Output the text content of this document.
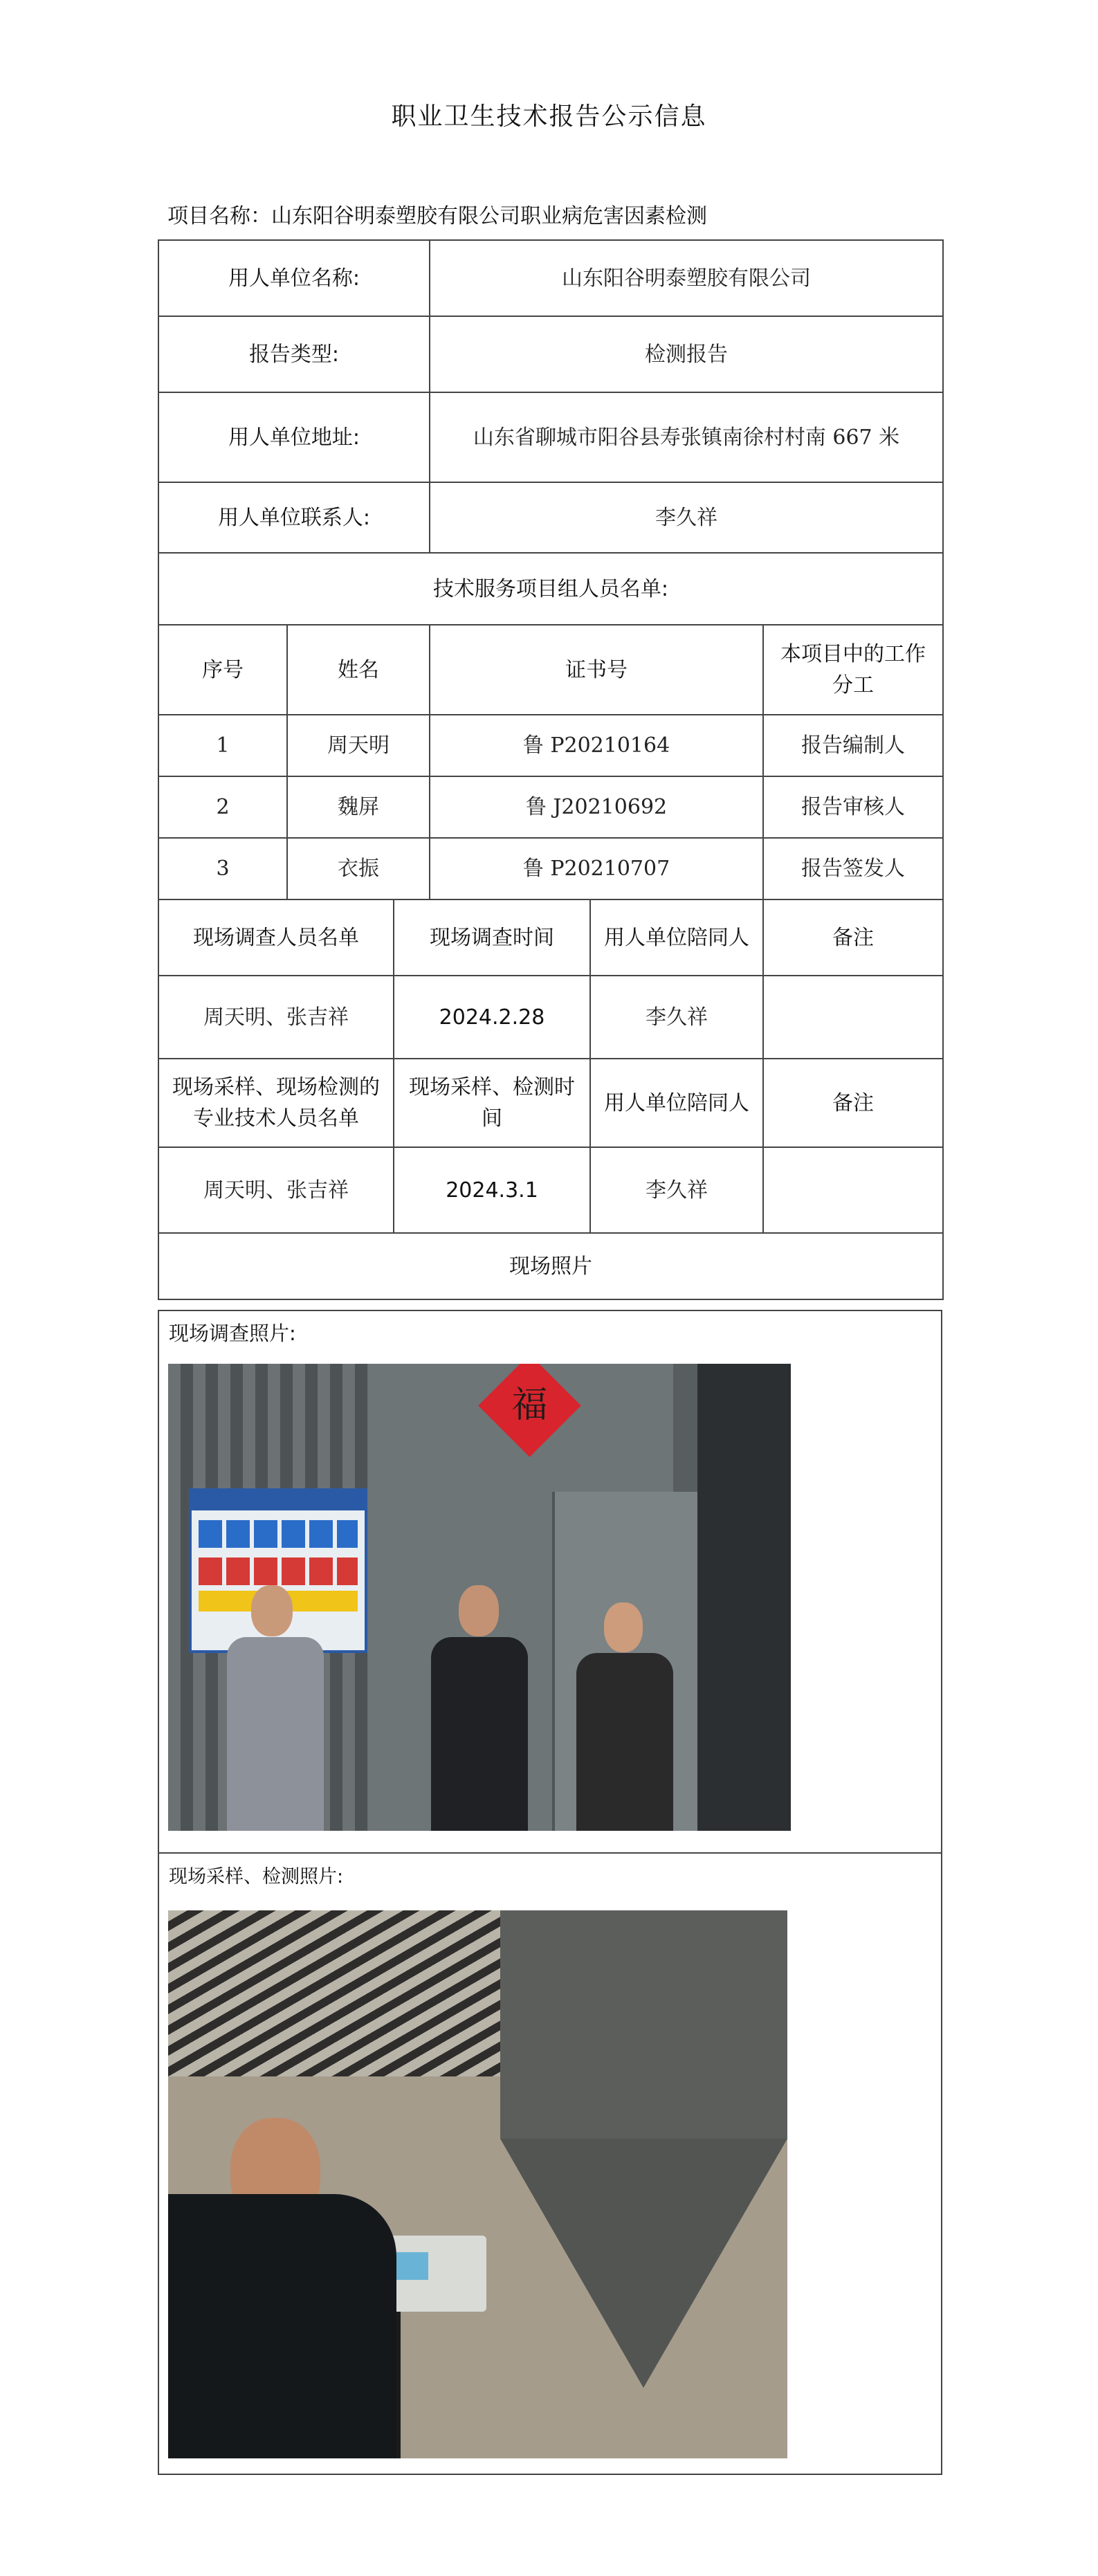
职业卫生技术报告公示信息
项目名称：山东阳谷明泰塑胶有限公司职业病危害因素检测
用人单位名称:			山东阳谷明泰塑胶有限公司		
报告类型:			检测报告		
用人单位地址:			山东省聊城市阳谷县寿张镇南徐村村南 667 米		
用人单位联系人:			李久祥		
技术服务项目组人员名单:					
序号	姓名		证书号		本项目中的工作分工
1	周天明		鲁 P20210164		报告编制人
2	魏屏		鲁 J20210692		报告审核人
3	衣振		鲁 P20210707		报告签发人
现场调查人员名单		现场调查时间		用人单位陪同人	备注
周天明、张吉祥		2024.2.28		李久祥	
现场采样、现场检测的专业技术人员名单		现场采样、检测时间		用人单位陪同人	备注
周天明、张吉祥		2024.3.1		李久祥	
现场照片					
现场调查照片:
福
现场采样、检测照片:
